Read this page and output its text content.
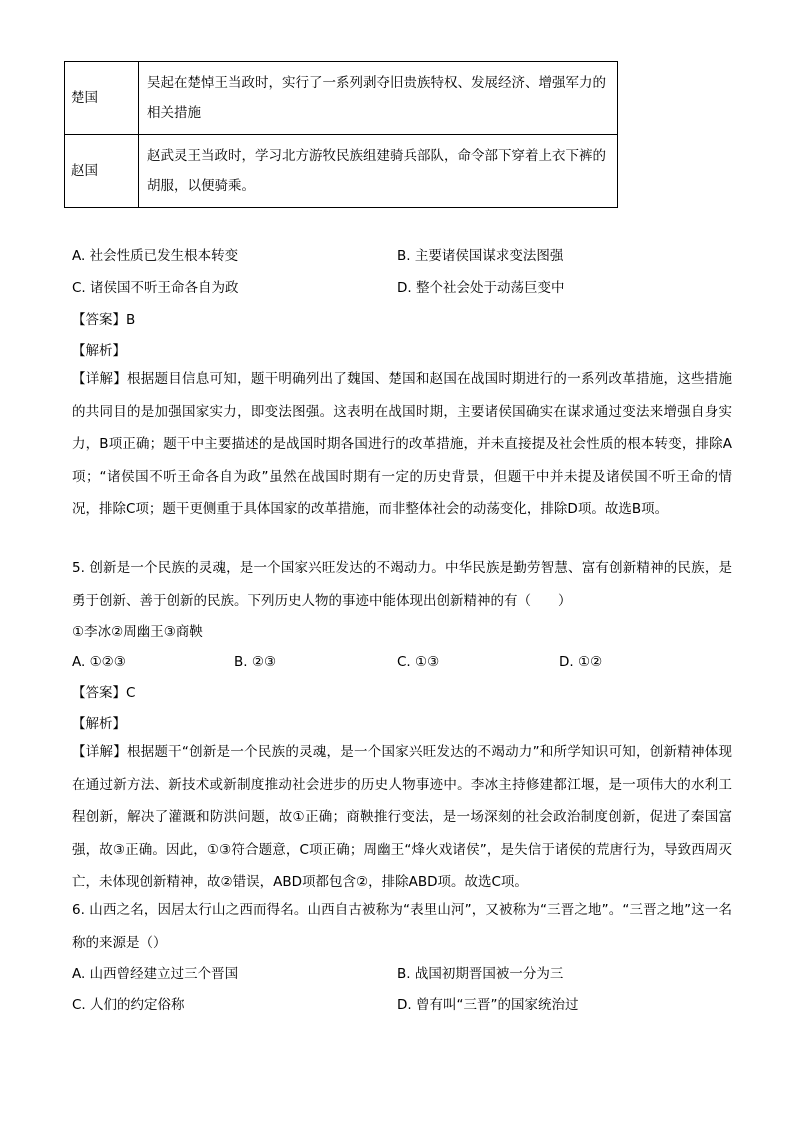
楚国	吴起在楚悼王当政时，实行了一系列剥夺旧贵族特权、发展经济、增强军力的相关措施
赵国	赵武灵王当政时，学习北方游牧民族组建骑兵部队，命令部下穿着上衣下裤的胡服，以便骑乘。
A. 社会性质已发生根本转变	B. 主要诸侯国谋求变法图强
C. 诸侯国不听王命各自为政	D. 整个社会处于动荡巨变中
【答案】B
【解析】
【详解】根据题目信息可知，题干明确列出了魏国、楚国和赵国在战国时期进行的一系列改革措施，这些措施的共同目的是加强国家实力，即变法图强。这表明在战国时期，主要诸侯国确实在谋求通过变法来增强自身实力，B项正确；题干中主要描述的是战国时期各国进行的改革措施，并未直接提及社会性质的根本转变，排除A项；“诸侯国不听王命各自为政”虽然在战国时期有一定的历史背景，但题干中并未提及诸侯国不听王命的情况，排除C项；题干更侧重于具体国家的改革措施，而非整体社会的动荡变化，排除D项。故选B项。
5. 创新是一个民族的灵魂，是一个国家兴旺发达的不竭动力。中华民族是勤劳智慧、富有创新精神的民族，是勇于创新、善于创新的民族。下列历史人物的事迹中能体现出创新精神的有（　　）
①李冰②周幽王③商鞅
A. ①②③	B. ②③	C. ①③	D. ①②
【答案】C
【解析】
【详解】根据题干“创新是一个民族的灵魂，是一个国家兴旺发达的不竭动力”和所学知识可知，创新精神体现在通过新方法、新技术或新制度推动社会进步的历史人物事迹中。李冰主持修建都江堰，是一项伟大的水利工程创新，解决了灌溉和防洪问题，故①正确；商鞅推行变法，是一场深刻的社会政治制度创新，促进了秦国富强，故③正确。因此，①③符合题意，C项正确；周幽王“烽火戏诸侯”，是失信于诸侯的荒唐行为，导致西周灭亡，未体现创新精神，故②错误，ABD项都包含②，排除ABD项。故选C项。
6. 山西之名，因居太行山之西而得名。山西自古被称为“表里山河”，又被称为“三晋之地”。“三晋之地”这一名称的来源是（）
A. 山西曾经建立过三个晋国	B. 战国初期晋国被一分为三
C. 人们的约定俗称	D. 曾有叫“三晋”的国家统治过
